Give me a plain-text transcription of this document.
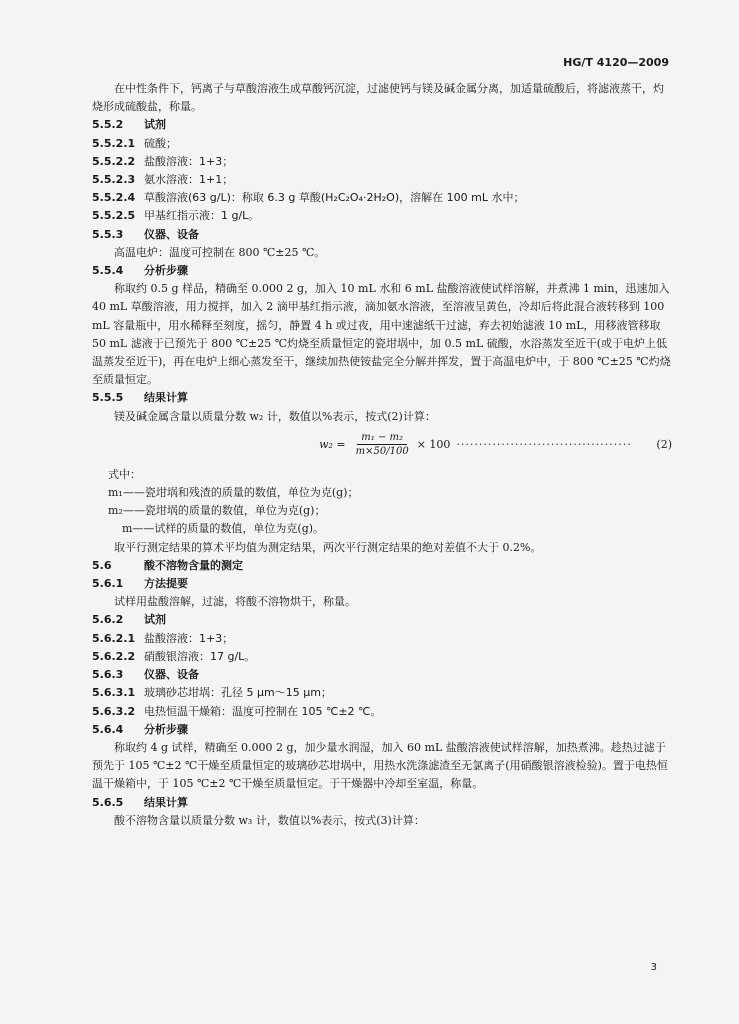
HG/T 4120—2009

在中性条件下，钙离子与草酸溶液生成草酸钙沉淀，过滤使钙与镁及碱金属分离，加适量硫酸后，将滤液蒸干，灼烧形成硫酸盐，称量。

5.5.2 试剂

5.5.2.1 硫酸；

5.5.2.2 盐酸溶液：1+3；

5.5.2.3 氨水溶液：1+1；

5.5.2.4 草酸溶液(63 g/L)：称取 6.3 g 草酸(H₂C₂O₄·2H₂O)，溶解在 100 mL 水中；

5.5.2.5 甲基红指示液：1 g/L。

5.5.3 仪器、设备

高温电炉：温度可控制在 800 ℃±25 ℃。

5.5.4 分析步骤

称取约 0.5 g 样品，精确至 0.000 2 g，加入 10 mL 水和 6 mL 盐酸溶液使试样溶解，并煮沸 1 min，迅速加入 40 mL 草酸溶液，用力搅拌，加入 2 滴甲基红指示液，滴加氨水溶液，至溶液呈黄色，冷却后将此混合液转移到 100 mL 容量瓶中，用水稀释至刻度，摇匀，静置 4 h 或过夜，用中速滤纸干过滤，弃去初始滤液 10 mL，用移液管移取 50 mL 滤液于已预先于 800 ℃±25 ℃灼烧至质量恒定的瓷坩埚中，加 0.5 mL 硫酸，水浴蒸发至近干(或于电炉上低温蒸发至近干)，再在电炉上细心蒸发至干，继续加热使铵盐完全分解并挥发，置于高温电炉中，于 800 ℃±25 ℃灼烧至质量恒定。

5.5.5 结果计算

镁及碱金属含量以质量分数 w₂ 计，数值以%表示，按式(2)计算：

$w_2 = \frac{\text{m₁ − m₂}}{m\times 50/100} \times 100$ ·······································	(2)

式中：

m₁——瓷坩埚和残渣的质量的数值，单位为克(g)；

m₂——瓷坩埚的质量的数值，单位为克(g)；

m——试样的质量的数值，单位为克(g)。

取平行测定结果的算术平均值为测定结果，两次平行测定结果的绝对差值不大于 0.2%。

5.6	酸不溶物含量的测定

5.6.1 方法提要

试样用盐酸溶解，过滤，将酸不溶物烘干，称量。

5.6.2 试剂

5.6.2.1 盐酸溶液：1+3；

5.6.2.2 硝酸银溶液：17 g/L。

5.6.3 仪器、设备

5.6.3.1 玻璃砂芯坩埚：孔径 5 μm～15 μm；

5.6.3.2 电热恒温干燥箱：温度可控制在 105 ℃±2 ℃。

5.6.4 分析步骤

称取约 4 g 试样，精确至 0.000 2 g，加少量水润湿，加入 60 mL 盐酸溶液使试样溶解，加热煮沸。趁热过滤于预先于 105 ℃±2 ℃干燥至质量恒定的玻璃砂芯坩埚中，用热水洗涤滤渣至无氯离子(用硝酸银溶液检验)。置于电热恒温干燥箱中，于 105 ℃±2 ℃干燥至质量恒定。于干燥器中冷却至室温，称量。

5.6.5 结果计算

酸不溶物含量以质量分数 w₃ 计，数值以%表示，按式(3)计算：

3
